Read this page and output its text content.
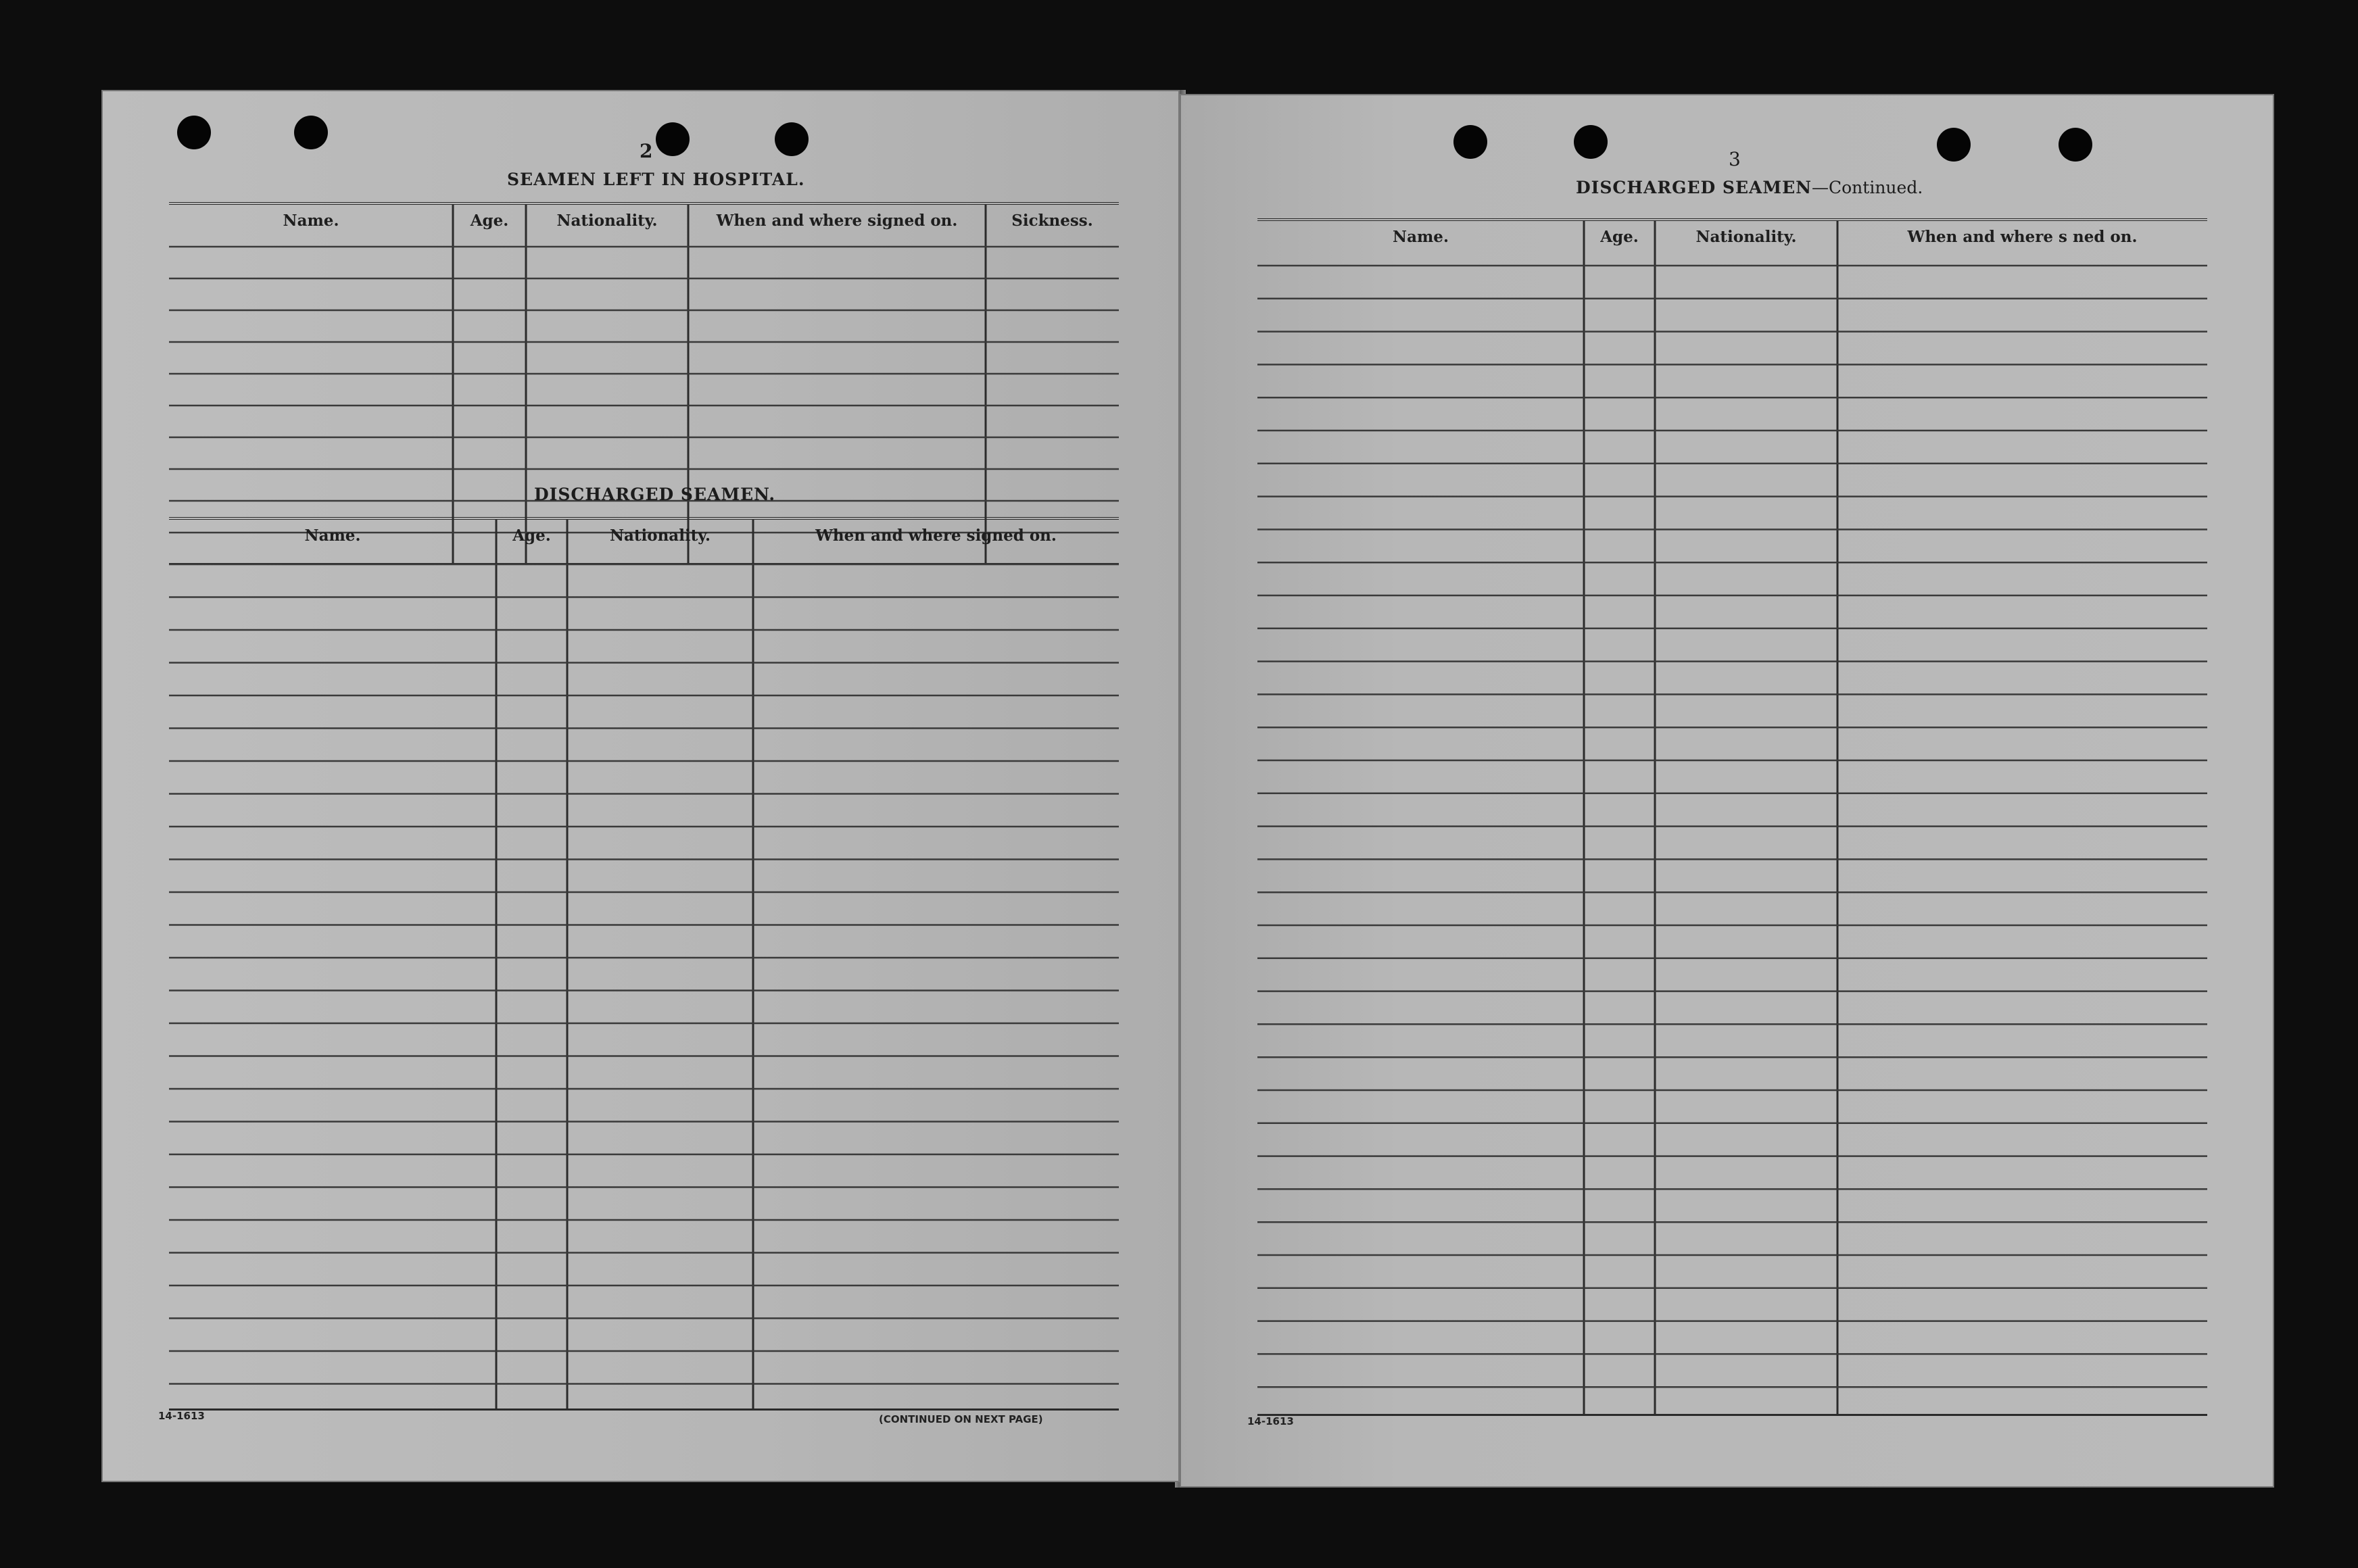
2
SEAMEN LEFT IN HOSPITAL.
Name.	Age.	Nationality.	When and where signed on.	Sickness.
DISCHARGED SEAMEN.
Name.	Age.	Nationality.	When and where signed on.
14-1613	(CONTINUED ON NEXT PAGE)
3
DISCHARGED SEAMEN—Continued.
Name.	Age.	Nationality.	When and where s ned on.
14-1613
